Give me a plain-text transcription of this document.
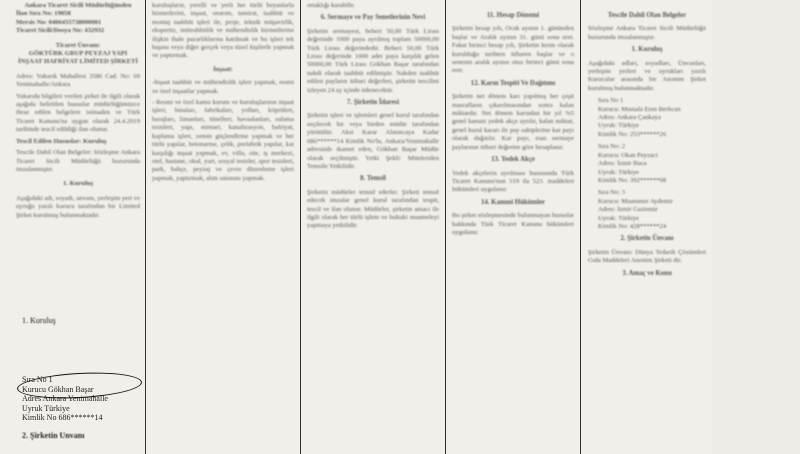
Ankara Ticaret Sicili Müdürlüğünden
İlan Sıra No: 19058
Mersis No: 0406455738000001
Ticaret Sicili/Dosya No: 432932
Ticaret Ünvanı:
GÖKTÜRK GRUP PEYZAJ YAPI İNŞAAT HAFRİYAT LİMİTED ŞİRKETİ

Adres: Yukarık Mahallesi 3586 Cad. No: 69 Yenimahalle/Ankara

Yukarıda bilgileri verilen şirket ile ilgili olarak aşağıda belirtilen hususlar müdürlüğümüzce ibraz edilen belgelere istinaden ve Türk Ticaret Kanunu'na uygun olarak 24.4.2019 tarihinde tescil edildiği ilan olunur.

Tescil Edilen Hususlar: Kuruluş

Tescile Dahil Olan Belgeler: Sözleşme Ankara Ticaret Sicili Müdürlüğü huzurunda imzalanmıştır.

1. Kuruluş

Aşağıdaki adı, soyadı, unvanı, yerleşim yeri ve uyruğu yazılı kurucu tarafından bir Limited Şirket kurulmuş bulunmaktadır.

1. Kuruluş
Sıra No 1
Kurucu Gökhan Başar
Adres Ankara Yenimahalle
Uyruk Türkiye
Kimlik No 686******14
2. Şirketin Unvanı

kuruluşların, yerelli ve yerli her türlü beyanlarla hizmetlerini, inşaat, onarım, tamirat, taahhüt ve montaj taahhüt işleri ile, proje, teknik müşavirlik, ekspertiz, müteahhitlik ve mühendislik hizmetlerine ilişkin ihale pazarlıklarına katılmak ve bu işleri tek başına veya diğer gerçek veya tüzel kişilerle yapmak ve yaptırmak.

İnşaat:

-İnşaat taahhüt ve mühendislik işleri yapmak, resmi ve özel inşaatlar yapmak.

- Resmi ve özel kamu kurum ve kuruluşlarının inşaat işleri, binaları, fabrikaları, yolları, köprüleri, barajları, limanları, tünelleri, havaalanları, sulama tesisleri, yapı, mimari, kanalizasyon, hafriyat, kaplama işleri, zemin güçlendirme yapmak ve her türlü yapılar, betonarme, çelik, prefabrik yapılar, kat karşılığı inşaat yapmak, ev, villa, site, iş merkezi, otel, hastane, okul, yurt, sosyal tesisler, spor tesisleri, park, bahçe, peyzaj ve çevre düzenleme işleri yapmak, yaptırmak, alım satımını yapmak.

ortaklığı kurabilir.

6. Sermaye ve Pay Senetlerinin Nevi

Şirketin sermayesi, beheri 50,00 Türk Lirası değerinde 1000 paya ayrılmış toplam 50000,00 Türk Lirası değerindedir. Beheri 50,00 Türk Lirası değerinde 1000 adet paya karşılık gelen 50000,00 Türk Lirası Gökhan Başar tarafından nakdi olarak taahhüt edilmiştir. Nakden taahhüt edilen payların itibari değerleri, şirketin tescilini izleyen 24 ay içinde ödenecektir.

7. Şirketin İdaresi

Şirketin işleri ve işlemleri genel kurul tarafından seçilecek bir veya birden müdür tarafından yürütülür. Aksi Karar Alınıncaya Kadar 686******14 Kimlik No'lu, Ankara/Yenimahalle adresinde ikamet eden, Gökhan Başar Müdür olarak seçilmiştir. Yetki Şekli: Münferiden Temsile Yetkilidir.

8. Temsil

Şirketin müdürler temsil ederler. Şirketi temsil edecek imzalar genel kurul tarafından tespit, tescil ve ilan olunur. Müdürler, şirketin amacı ile ilgili olarak her türlü işlem ve hukuki muameleyi yapmaya yetkilidir.

11. Hesap Dönemi

Şirketin hesap yılı, Ocak ayının 1. gününden başlar ve Aralık ayının 31. günü sona erer. Fakat birinci hesap yılı, Şirketin kesin olarak kurulduğu tarihten itibaren başlar ve o senenin aralık ayının otuz birinci günü sona erer.

12. Karın Tespiti Ve Dağıtımı

Şirketin net dönem karı yapılmış her çeşit masrafların çıkarılmasından sonra kalan miktardır. Net dönem karından bir yıl %5 genel kanuni yedek akçe ayrılır, kalan miktar, genel kurul kararı ile pay sahiplerine kar payı olarak dağıtılır. Kar payı, esas sermaye paylarının itibari değerine göre hesaplanır.

13. Yedek Akçe

Yedek akçelerin ayrılması hususunda Türk Ticaret Kanunu'nun 519 ila 523. maddeleri hükümleri uygulanır.

14. Kanuni Hükümler

Bu şirket sözleşmesinde bulunmayan hususlar hakkında Türk Ticaret Kanunu hükümleri uygulanır.

Tescile Dahil Olan Belgeler

Sözleşme Ankara Ticaret Sicili Müdürlüğü huzurunda imzalanmıştır.

1. Kuruluş

Aşağıdaki adları, soyadları, Ünvanları, yerleşim yerleri ve uyrukları yazılı Kurucular arasında bir Anonim Şirket kurulmuş bulunmaktadır.

Sıra No 1
Kurucu: Mustafa Eren Berkcan
Adres: Ankara Çankaya
Uyruk: Türkiye
Kimlik No: 253******26
Sıra No: 2
Kurucu: Okan Peyzaci
Adres: İzmir Buca
Uyruk: Türkiye
Kimlik No: 392******08
Sıra No: 3
Kurucu: Muammer Aydemir
Adres: İzmir Gaziemir
Uyruk: Türkiye
Kimlik No: 428******24
2. Şirketin Ünvanı

Şirketin Ünvanı: Dünya Tedarik Çözümleri Gıda Maddeleri Anonim Şirketi dir.

3. Amaç ve Konu
